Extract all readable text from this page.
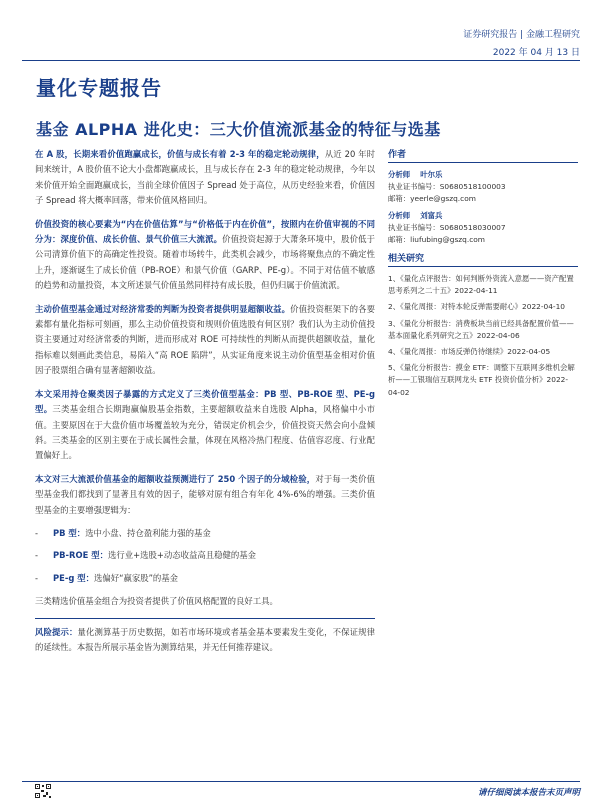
证券研究报告 | 金融工程研究
2022 年 04 月 13 日
量化专题报告
基金 ALPHA 进化史：三大价值流派基金的特征与选基

在 A 股，长期来看价值跑赢成长，价值与成长有着 2-3 年的稳定轮动规律，从近 20 年时间来统计，A 股价值不论大小盘都跑赢成长，且与成长存在 2-3 年的稳定轮动规律，今年以来价值开始全面跑赢成长，当前全球价值因子 Spread 处于高位，从历史经验来看，价值因子 Spread 将大概率回落，带来价值风格回归。

价值投资的核心要素为“内在价值估算”与“价格低于内在价值”，按照内在价值审视的不同分为：深度价值、成长价值、景气价值三大流派。价值投资起源于大萧条环境中，股价低于公司清算价值下的高确定性投资。随着市场转牛，此类机会减少，市场将聚焦点的不确定性上升，逐渐诞生了成长价值（PB-ROE）和景气价值（GARP、PE-g）。不同于对估值不敏感的趋势和动量投资，本文所述景气价值虽然同样持有成长股，但仍归属于价值流派。

主动价值型基金通过对经济常委的判断为投资者提供明显超额收益。价值投资框架下的各要素都有量化指标可刻画，那么主动价值投资和规则价值选股有何区别？我们认为主动价值投资主要通过对经济常委的判断，进而形成对 ROE 可持续性的判断从而提供超额收益，量化指标难以刻画此类信息，易陷入“高 ROE 陷阱”，从实证角度来说主动价值型基金相对价值因子股票组合确有显著超额收益。

本文采用持仓聚类因子暴露的方式定义了三类价值型基金：PB 型、PB-ROE 型、PE-g 型。三类基金组合长期跑赢偏股基金指数，主要超额收益来自选股 Alpha，风格偏中小市值。主要原因在于大盘价值市场覆盖较为充分，错误定价机会少，价值投资天然会向小盘倾斜。三类基金的区别主要在于成长属性会量，体现在风格冷热门程度、估值容忍度、行业配置偏好上。

本文对三大流派价值基金的超额收益预测进行了 250 个因子的分域检验，对于每一类价值型基金我们都找到了显著且有效的因子，能够对原有组合有年化 4%-6%的增强。三类价值型基金的主要增强逻辑为：

- PB 型：选中小盘、持仓盈利能力强的基金
- PB-ROE 型：选行业+选股+动态收益高且稳健的基金
- PE-g 型：选偏好“赢家股”的基金

三类精选价值基金组合为投资者提供了价值风格配置的良好工具。

风险提示：量化测算基于历史数据，如若市场环境或者基金基本要素发生变化，不保证规律的延续性。本报告所展示基金皆为测算结果，并无任何推荐建议。

作者
分析师 叶尔乐
执业证书编号：S0680518100003
邮箱：yeerle@gszq.com
分析师 刘富兵
执业证书编号：S0680518030007
邮箱：liufubing@gszq.com
相关研究
1、《量化点评报告：如何判断外资流入意愿——资产配置思考系列之二十五》2022-04-11
2、《量化周报：对特本轮反弹需要耐心》2022-04-10
3、《量化分析报告：消费板块当前已经具备配置价值——基本面量化系列研究之五》2022-04-06
4、《量化周报：市场反弹仍待继续》2022-04-05
5、《量化分析报告：摸金 ETF：调整下互联网多维机会解析——工银瑞信互联网龙头 ETF 投资价值分析》2022-04-02
请仔细阅读本报告末页声明
